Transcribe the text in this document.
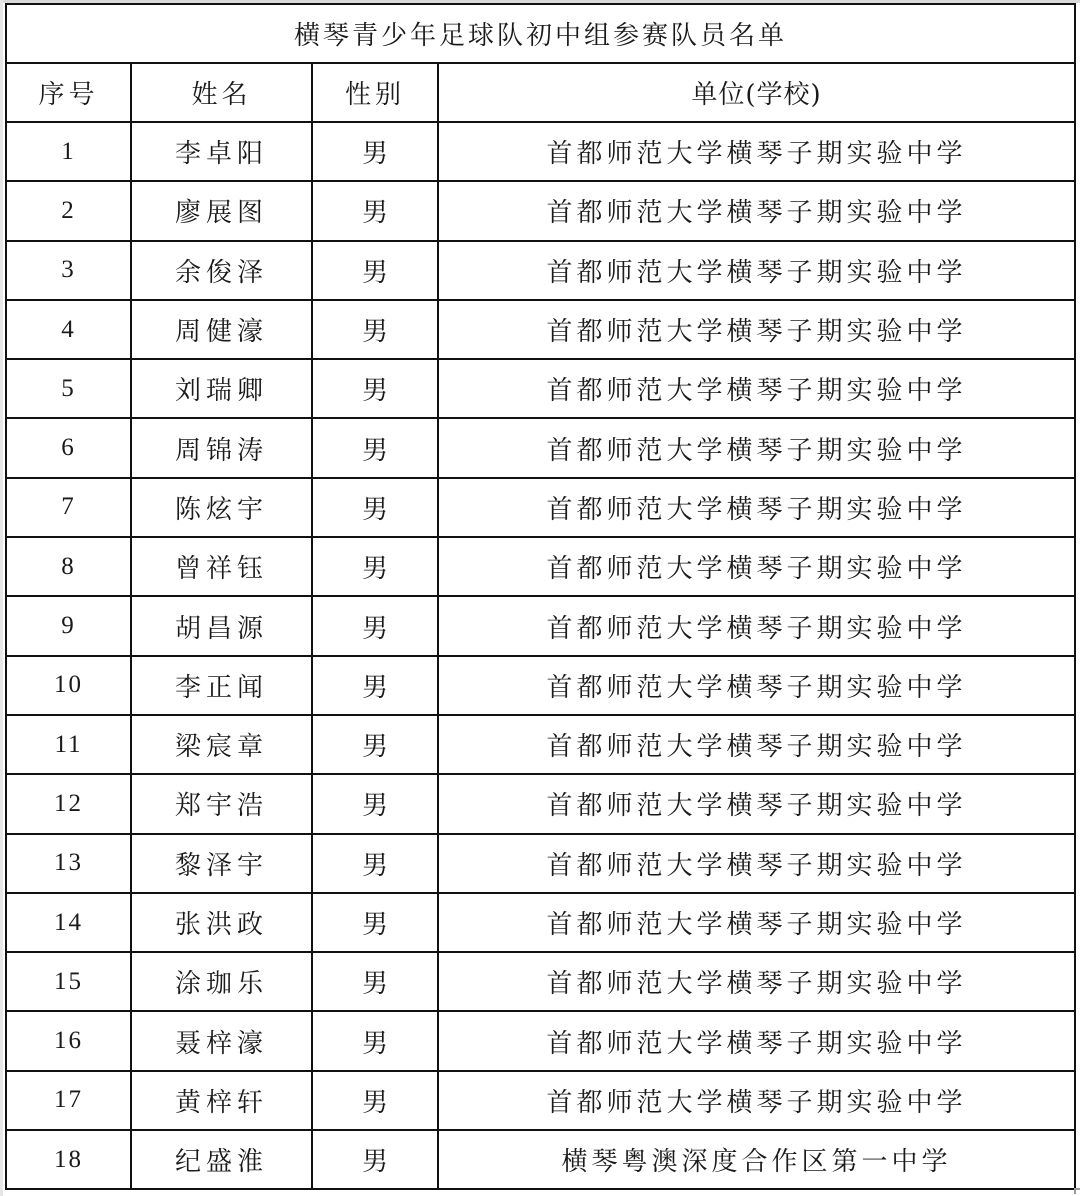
横琴青少年足球队初中组参赛队员名单			
序号	姓名	性别	单位(学校)
1	李卓阳	男	首都师范大学横琴子期实验中学
2	廖展图	男	首都师范大学横琴子期实验中学
3	余俊泽	男	首都师范大学横琴子期实验中学
4	周健濠	男	首都师范大学横琴子期实验中学
5	刘瑞卿	男	首都师范大学横琴子期实验中学
6	周锦涛	男	首都师范大学横琴子期实验中学
7	陈炫宇	男	首都师范大学横琴子期实验中学
8	曾祥钰	男	首都师范大学横琴子期实验中学
9	胡昌源	男	首都师范大学横琴子期实验中学
10	李正闻	男	首都师范大学横琴子期实验中学
11	梁宸章	男	首都师范大学横琴子期实验中学
12	郑宇浩	男	首都师范大学横琴子期实验中学
13	黎泽宇	男	首都师范大学横琴子期实验中学
14	张洪政	男	首都师范大学横琴子期实验中学
15	涂珈乐	男	首都师范大学横琴子期实验中学
16	聂梓濠	男	首都师范大学横琴子期实验中学
17	黄梓轩	男	首都师范大学横琴子期实验中学
18	纪盛淮	男	横琴粤澳深度合作区第一中学
